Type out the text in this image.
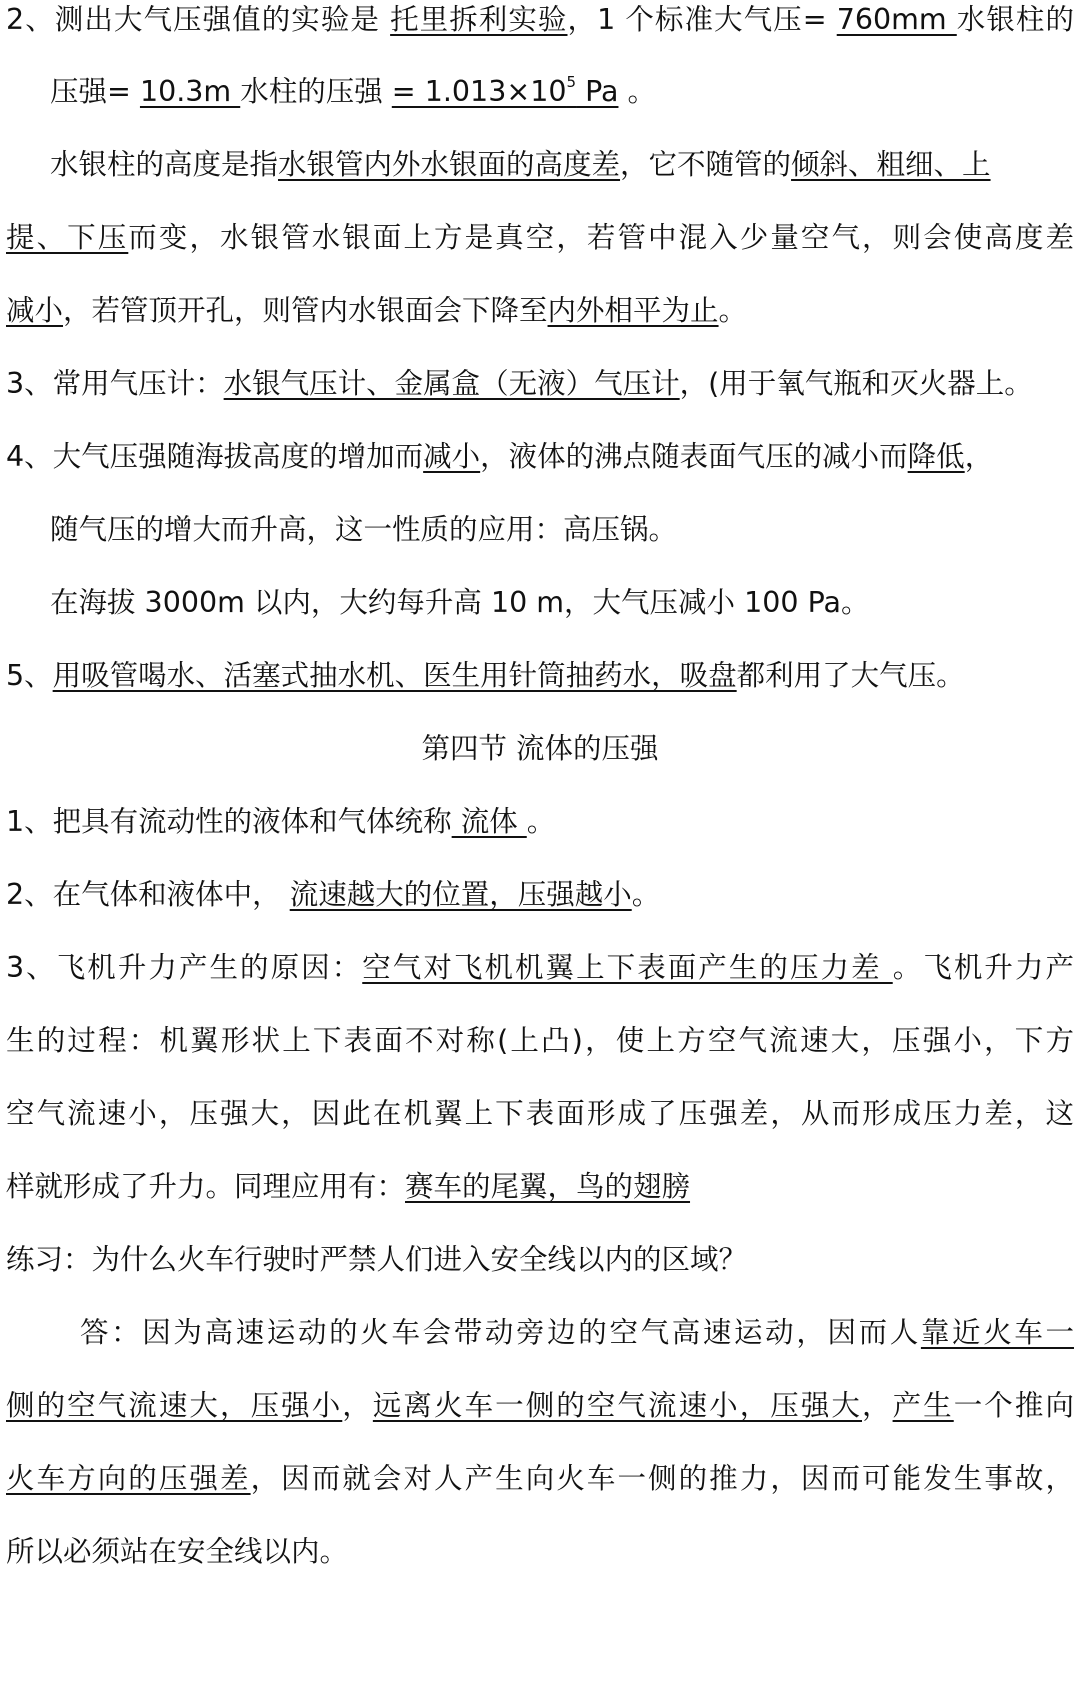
2、测出大气压强值的实验是 托里拆利实验，1 个标准大气压= 760mm 水银柱的
压强= 10.3m 水柱的压强 = $1.013\times 10^5$ Pa 。
水银柱的高度是指水银管内外水银面的高度差，它不随管的倾斜、粗细、上
提、下压而变，水银管水银面上方是真空，若管中混入少量空气，则会使高度差
减小，若管顶开孔，则管内水银面会下降至内外相平为止。
3、常用气压计：水银气压计、金属盒（无液）气压计，(用于氧气瓶和灭火器上。
4、大气压强随海拔高度的增加而减小，液体的沸点随表面气压的减小而降低，
随气压的增大而升高，这一性质的应用：高压锅。
在海拔 3000m 以内，大约每升高 10 m，大气压减小 100 Pa。
5、用吸管喝水、活塞式抽水机、医生用针筒抽药水，吸盘都利用了大气压。
第四节 流体的压强
1、把具有流动性的液体和气体统称 流体 。
2、在气体和液体中， 流速越大的位置，压强越小。
3、飞机升力产生的原因：空气对飞机机翼上下表面产生的压力差 。飞机升力产
生的过程：机翼形状上下表面不对称(上凸)，使上方空气流速大，压强小，下方
空气流速小，压强大，因此在机翼上下表面形成了压强差，从而形成压力差，这
样就形成了升力。同理应用有：赛车的尾翼，鸟的翅膀
练习：为什么火车行驶时严禁人们进入安全线以内的区域？
答：因为高速运动的火车会带动旁边的空气高速运动，因而人靠近火车一
侧的空气流速大，压强小，远离火车一侧的空气流速小，压强大，产生一个推向
火车方向的压强差，因而就会对人产生向火车一侧的推力，因而可能发生事故，
所以必须站在安全线以内。
